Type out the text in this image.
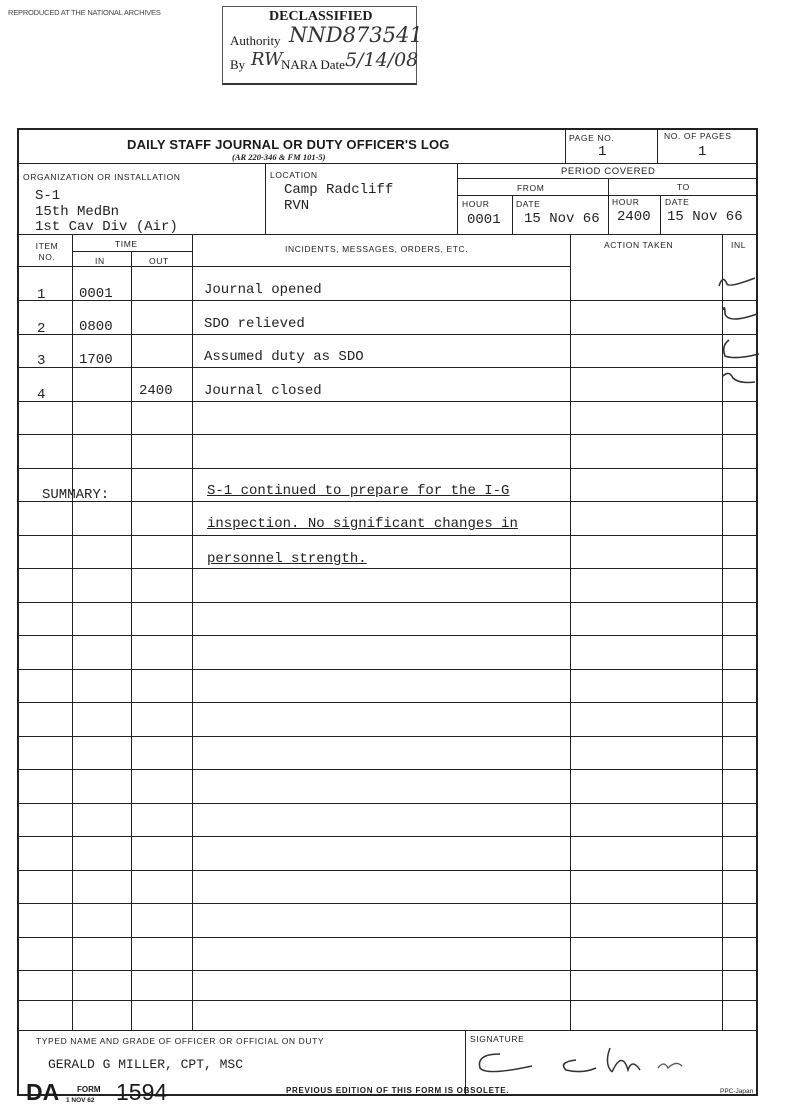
REPRODUCED AT THE NATIONAL ARCHIVES	DECLASSIFIED
Authority NND873541
By RW
NARA Date 5/14/08
DAILY STAFF JOURNAL OR DUTY OFFICER'S LOG
(AR 220-346 & FM 101-5)
PAGE NO.
1
NO. OF PAGES
1
ORGANIZATION OR INSTALLATION
S-1
15th MedBn
1st Cav Div (Air)
LOCATION
Camp Radcliff
RVN
PERIOD COVERED
FROM	TO
HOUR	DATE	HOUR	DATE
0001 15 Nov 66 2400 15 Nov 66
ITEM NO.
TIME
IN	OUT
INCIDENTS, MESSAGES, ORDERS, ETC.	ACTION TAKEN	INL
1 0001	Journal opened
2 0800	SDO relieved
3 1700	Assumed duty as SDO
4	2400 Journal closed
SUMMARY:	S-1 continued to prepare for the I-G
inspection. No significant changes in
personnel strength.
TYPED NAME AND GRADE OF OFFICER OR OFFICIAL ON DUTY
GERALD G MILLER, CPT, MSC
SIGNATURE
DA FORM
1 NOV 62 1594	PREVIOUS EDITION OF THIS FORM IS OBSOLETE.	PPC-Japan
